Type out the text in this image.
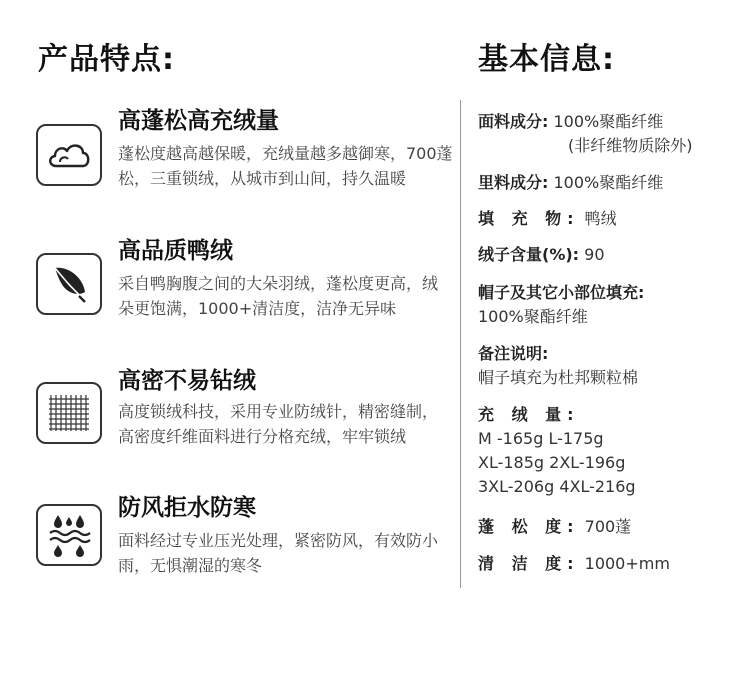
产品特点:	基本信息:
高蓬松高充绒量
蓬松度越高越保暖，充绒量越多越御寒，700蓬松，三重锁绒，从城市到山间，持久温暖
高品质鸭绒
采自鸭胸腹之间的大朵羽绒，蓬松度更高，绒朵更饱满，1000+清洁度，洁净无异味
高密不易钻绒
高度锁绒科技，采用专业防绒针，精密缝制，高密度纤维面料进行分格充绒，牢牢锁绒
防风拒水防寒
面料经过专业压光处理，紧密防风，有效防小雨，无惧潮湿的寒冬
面料成分: 100%聚酯纤维
(非纤维物质除外)
里料成分: 100%聚酯纤维
填 充 物: 鸭绒
绒子含量(%): 90
帽子及其它小部位填充:
100%聚酯纤维
备注说明:
帽子填充为杜邦颗粒棉
充 绒 量:
M -165g L-175g
XL-185g 2XL-196g
3XL-206g 4XL-216g
蓬 松 度: 700蓬
清 洁 度: 1000+mm
